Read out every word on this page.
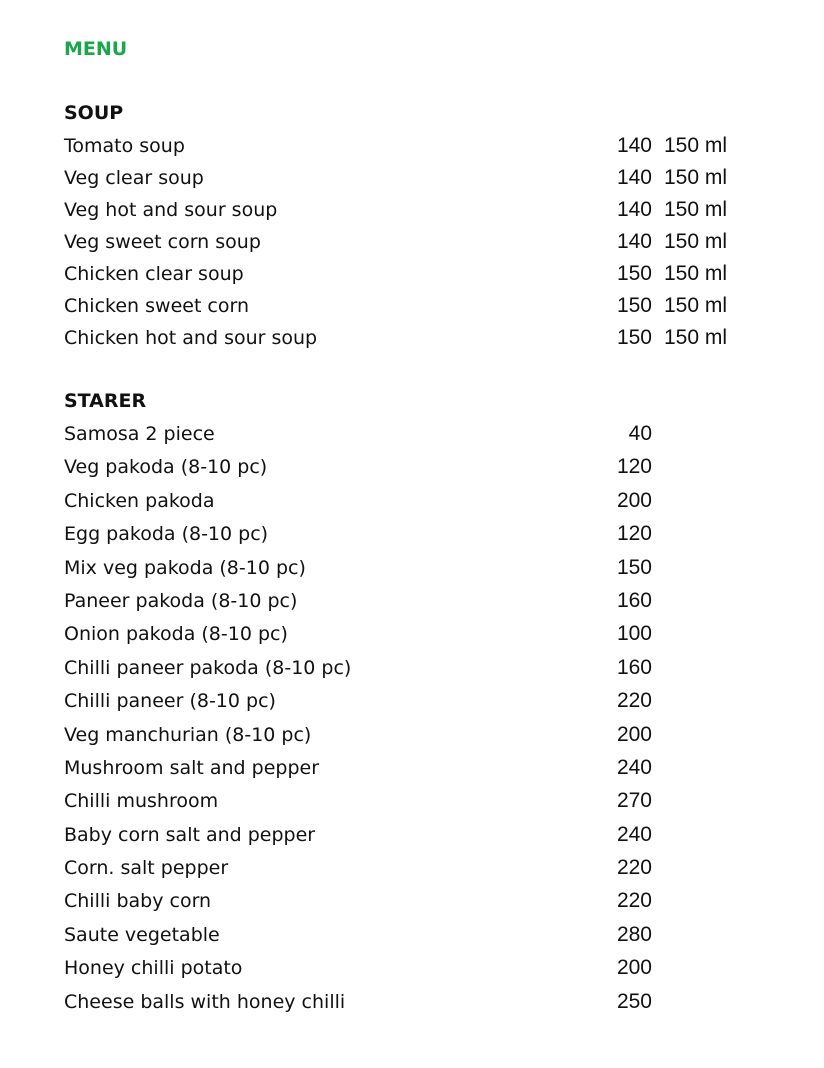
MENU
SOUP
Tomato soup	140 150 ml
Veg clear soup	140 150 ml
Veg hot and sour soup	140 150 ml
Veg sweet corn soup	140 150 ml
Chicken clear soup	150 150 ml
Chicken sweet corn	150 150 ml
Chicken hot and sour soup	150 150 ml
STARER
Samosa 2 piece	40
Veg pakoda (8-10 pc)	120
Chicken pakoda	200
Egg pakoda (8-10 pc)	120
Mix veg pakoda (8-10 pc)	150
Paneer pakoda (8-10 pc)	160
Onion pakoda (8-10 pc)	100
Chilli paneer pakoda (8-10 pc)	160
Chilli paneer (8-10 pc)	220
Veg manchurian (8-10 pc)	200
Mushroom salt and pepper	240
Chilli mushroom	270
Baby corn salt and pepper	240
Corn. salt pepper	220
Chilli baby corn	220
Saute vegetable	280
Honey chilli potato	200
Cheese balls with honey chilli	250
